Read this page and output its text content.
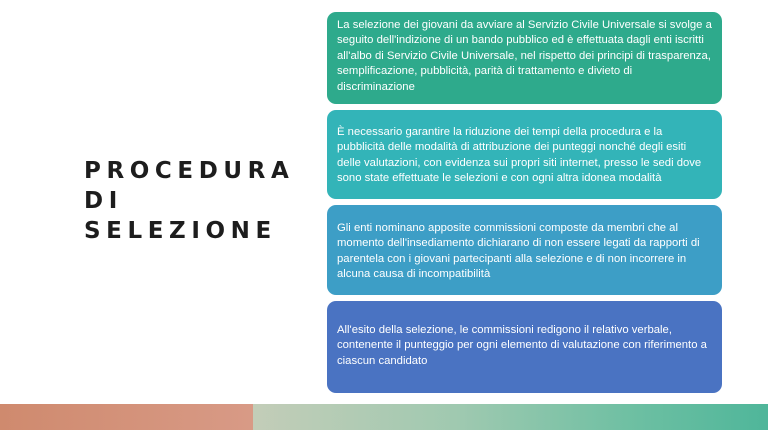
PROCEDURA
DI
SELEZIONE

La selezione dei giovani da avviare al Servizio Civile Universale si svolge a seguito dell'indizione di un bando pubblico ed è effettuata dagli enti iscritti all'albo di Servizio Civile Universale, nel rispetto dei principi di trasparenza, semplificazione, pubblicità, parità di trattamento e divieto di discriminazione

È necessario garantire la riduzione dei tempi della procedura e la pubblicità delle modalità di attribuzione dei punteggi nonché degli esiti delle valutazioni, con evidenza sui propri siti internet, presso le sedi dove sono state effettuate le selezioni e con ogni altra idonea modalità

Gli enti nominano apposite commissioni composte da membri che al momento dell'insediamento dichiarano di non essere legati da rapporti di parentela con i giovani partecipanti alla selezione e di non incorrere in alcuna causa di incompatibilità

All'esito della selezione, le commissioni redigono il relativo verbale, contenente il punteggio per ogni elemento di valutazione con riferimento a ciascun candidato
